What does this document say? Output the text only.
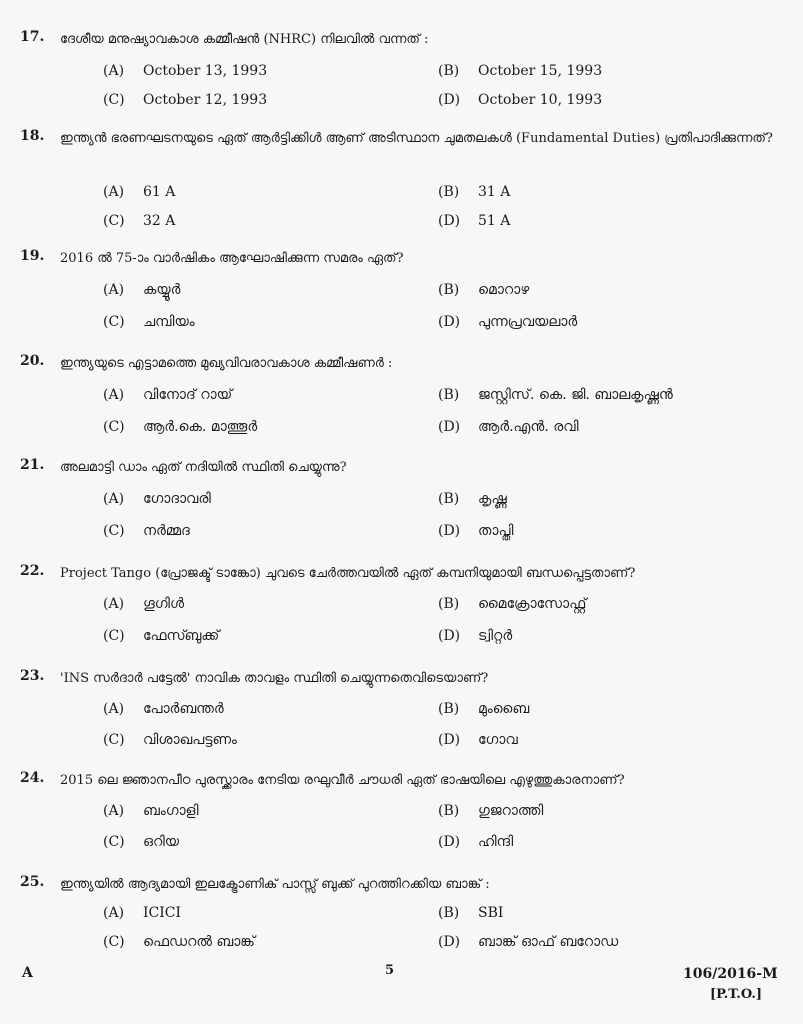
17. ദേശീയ മനുഷ്യാവകാശ കമ്മീഷൻ (NHRC) നിലവിൽ വന്നത് :
(A) October 13, 1993	(B) October 15, 1993
(C) October 12, 1993	(D) October 10, 1993
18. ഇന്ത്യൻ ഭരണഘടനയുടെ ഏത് ആർട്ടിക്കിൾ ആണ് അടിസ്ഥാന ചുമതലകൾ (Fundamental Duties) പ്രതിപാദിക്കുന്നത്?
(A) 61 A	(B) 31 A
(C) 32 A	(D) 51 A
19. 2016 ൽ 75-ാം വാർഷികം ആഘോഷിക്കുന്ന സമരം ഏത്?
(A) കയ്യൂർ	(B) മൊറാഴ
(C) ചമ്പിയം	(D) പുന്നപ്രവയലാർ
20. ഇന്ത്യയുടെ എട്ടാമത്തെ മുഖ്യവിവരാവകാശ കമ്മീഷണർ :
(A) വിനോദ് റായ്	(B) ജസ്റ്റിസ്. കെ. ജി. ബാലകൃഷ്ണൻ
(C) ആർ.കെ. മാത്തൂർ	(D) ആർ.എൻ. രവി
21. അലമാട്ടി ഡാം ഏത് നദിയിൽ സ്ഥിതി ചെയ്യുന്നു?
(A) ഗോദാവരി	(B) കൃഷ്ണ
(C) നർമ്മദ	(D) താപ്തി
22. Project Tango (പ്രോജക്ട് ടാങ്കോ) ചുവടെ ചേർത്തവയിൽ ഏത് കമ്പനിയുമായി ബന്ധപ്പെട്ടതാണ്?
(A) ഗൂഗിൾ	(B) മൈക്രോസോഫ്റ്റ്
(C) ഫേസ്ബുക്ക്	(D) ട്വിറ്റർ
23. 'INS സർദാർ പട്ടേൽ' നാവിക താവളം സ്ഥിതി ചെയ്യുന്നതെവിടെയാണ്?
(A) പോർബന്തർ	(B) മുംബൈ
(C) വിശാഖപട്ടണം	(D) ഗോവ
24. 2015 ലെ ജ്ഞാനപീഠ പുരസ്ക്കാരം നേടിയ രഘുവീർ ചൗധരി ഏത് ഭാഷയിലെ എഴുത്തുകാരനാണ്?
(A) ബംഗാളി	(B) ഗുജറാത്തി
(C) ഒറിയ	(D) ഹിന്ദി
25. ഇന്ത്യയിൽ ആദ്യമായി ഇലക്ട്രോണിക് പാസ്സ് ബുക്ക് പുറത്തിറക്കിയ ബാങ്ക് :
(A) ICICI	(B) SBI
(C) ഫെഡറൽ ബാങ്ക്	(D) ബാങ്ക് ഓഫ് ബറോഡ
A	5	106/2016-M
[P.T.O.]
